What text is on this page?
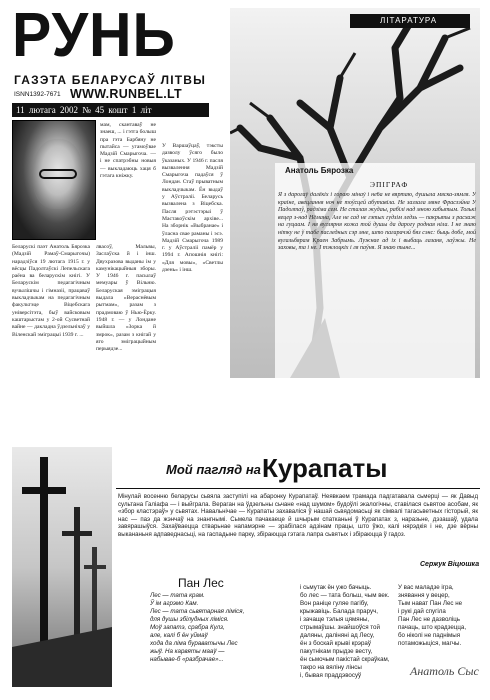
РУНЬ
ГАЗЭТА БЕЛАРУСАЎ ЛІТВЫ
ISNN1392-7671 WWW.RUNBEL.LT
11 лютага 2002 № 45 кошт 1 літ
мам, скантаваў не знаеш, ... і гэтга болыш пра гэта Барбяну не пытайса — угамоўвае Мадзій Смарыгоча. — і не спатрэбны новыя — выкладаюць хаця б гэтага кніжку.
Беларускі паэт Анатоль Бярозка (Мадзій Рамаў-Смарыгочы) нарадзіўся 19 лютага 1915 г. у вёсцы Падолтаўскі Лепельскага раёна ва беларускім кнігі. У Беларускім педагагічным вучылішчы і гімназіі, працаваў выкладчыкам на педагагічным факультэце Віцебскага універсітэта, быў вайсковым каштарыстам у 2-ой Сусветнай вайне — дакладна ўдзельнічаў у Віленскай эміграцыі 1939 г. ...
лвасоў, Мальвы, Заслаўска й і інш. Двухразова выданы ім у камунікацыйныя зборы. У 1946 г. пасылаў мемуары ў Вільню. Беларуская эміграцыя выдала «Вераснёвым рытмам», разам з прадмоваю ў Нью-Ёрку. 1948 г. — у Лондане выйшла «Зорка й змрок», разам з кнігай у яго эміграцыйным перыядзе...
У Варшаўцаў, тэксты дазволу ўсяго было ўказаных. У 1946 г. пасля вызвалення Мадзій Смарыгоча падаўся ў Лондан. Стаў прыватным выкладчыкам. Ён выдаў у Аўстраліі. Беларусь вызвалена з Віцебска. Пасля рэтэстэрыі ў Мастакоўскім архіве... На зборнік «Выбранае» і ўласна свае раманы і эсэ. Мадзій Смарыгоча 1989 г. у Аўстраліі памёр у 1994 г. Апошнія кнігі: «Для мовы», «Светлы дзень» і інш.
ЛІТАРАТУРА
Анатоль Бярозка
ЭПІГРАФ
Я з дарогаў далёкіх і гораю мінаў і неба не вяртаю, душыла мяска-зямля. У краіне, авецлання ноч не тоўсцей абутавіла. Не заззала мяне Фрасзэйна У Падолтаў, радзіма сем. Не сталая жудаы, рабілі над мною хабытым. Толькі вецер з-над Нёмана, Але не сад не гэтых гудзім ледзь — пакрыты з расхаж на гуцаам. І ня вуглярня кожа той душы да дарогу родная ніла. І не знаю нітку не ў табе паследных сэр мне, што пагарачэй бяз сэнс: быць добе, мой вугальбярам Краен Забрымь. Лужнае ад іх і выбаць лазаня, лаўжы. Не заховы, та і не. І тэклоцкіх і ля паўня. Я знаю тыне...
Мой пагляд на Курапаты
Мінулай восенню беларусы сьвяла заступілі на абаронку Курапатаў. Неявкаем трамада падгатавала сьмерці — як Давыд сультана Галіафа — і выйграла. Вераган на ўдзельны сьчане «над шумом» будоўлі экалогічны, ставілася сьвятое асобам, як «збор кластэраў» у сьвятах. Навальнічае — Курапаты захаваліся ў нашай сьвядомасьці як сімвалі тагасьветных гісторый, як нас — паэ да жэнчаў на знангнымі. Сьмела пачакаеце й шчырым спатканьні ў Курапатах з, наразьне, дэзашаў, удала завярашыўся. Захаўваецца стварьнае напамэрне — зрабілася адзінам працы, што ўжо, калі нярэдкія і не, дзе вёрны выкананьня адпаведнасьці, на гаспадыне парку, збіраюцца гэтага лапра сьвятых і збіраюцца ў гадоз.
Сержук Віцюшка
Пан Лес
Лес — тата крам.
Ў ім агрэмо Кам.
Лес — тата сьвятарная ліміся,
для душы збілудных ліміся.
Моў запатэ, срабра Кулз,
але, калі б ён уймаў
хода да ліма бураватычы Лес
жыў. На карвяты мааў —
набывае-б «разбрачае»...
і сьмутак ён ужо бачыць.
бо лес — тата больш, чым век.
Вон раніце гуляе пагібу,
крыжавіць. Балада праруч,
і зачаще тэлыя цямяны,
стрымаўшы. знайшоўся той
даляны, даліняні ад Лесу,
ён з боскай крыві крэраў
пакутнікам прыдзе весту,
ён сьмочым пакістай скраўкам,
такро на вяліну лінсы
і, бывая праддэвосуў
У вас маладзе ігра,
знявання у вецер,
Тым нават Пан Лес не
і рукі дай спугіла
Пан Лес не дазволіць
пачаць, што крадзецца,
бо ніколі не паднімыя
потаможыціся, магчы.
Анатоль Сыс
